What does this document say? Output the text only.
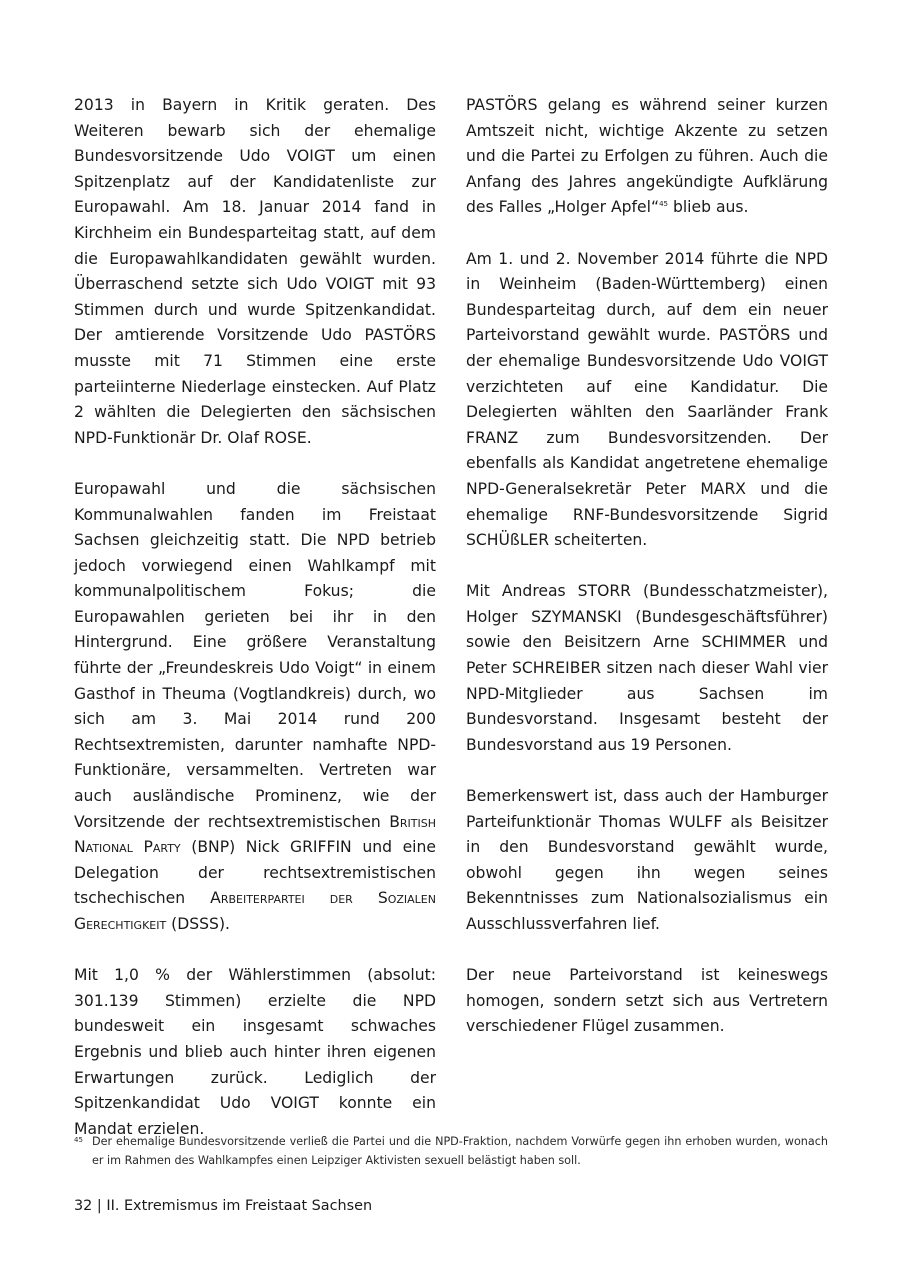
2013 in Bayern in Kritik geraten. Des Weiteren bewarb sich der ehemalige Bundesvorsitzende Udo VOIGT um einen Spitzenplatz auf der Kandidatenliste zur Europawahl. Am 18. Januar 2014 fand in Kirchheim ein Bundesparteitag statt, auf dem die Europawahlkandidaten gewählt wurden. Überraschend setzte sich Udo VOIGT mit 93 Stimmen durch und wurde Spitzenkandidat. Der amtierende Vorsitzende Udo PASTÖRS musste mit 71 Stimmen eine erste parteiinterne Niederlage einstecken. Auf Platz 2 wählten die Delegierten den sächsischen NPD-Funktionär Dr. Olaf ROSE.

Europawahl und die sächsischen Kommunalwahlen fanden im Freistaat Sachsen gleichzeitig statt. Die NPD betrieb jedoch vorwiegend einen Wahlkampf mit kommunalpolitischem Fokus; die Europawahlen gerieten bei ihr in den Hintergrund. Eine größere Veranstaltung führte der „Freundeskreis Udo Voigt“ in einem Gasthof in Theuma (Vogtlandkreis) durch, wo sich am 3. Mai 2014 rund 200 Rechtsextremisten, darunter namhafte NPD-Funktionäre, versammelten. Vertreten war auch ausländische Prominenz, wie der Vorsitzende der rechtsextremistischen British National Party (BNP) Nick GRIFFIN und eine Delegation der rechtsextremistischen tschechischen Arbeiterpartei der Sozialen Gerechtigkeit (DSSS).

Mit 1,0 % der Wählerstimmen (absolut: 301.139 Stimmen) erzielte die NPD bundesweit ein insgesamt schwaches Ergebnis und blieb auch hinter ihren eigenen Erwartungen zurück. Lediglich der Spitzenkandidat Udo VOIGT konnte ein Mandat erzielen.

PASTÖRS gelang es während seiner kurzen Amtszeit nicht, wichtige Akzente zu setzen und die Partei zu Erfolgen zu führen. Auch die Anfang des Jahres angekündigte Aufklärung des Falles „Holger Apfel“$^{45}$ blieb aus.

Am 1. und 2. November 2014 führte die NPD in Weinheim (Baden-Württemberg) einen Bundesparteitag durch, auf dem ein neuer Parteivorstand gewählt wurde. PASTÖRS und der ehemalige Bundesvorsitzende Udo VOIGT verzichteten auf eine Kandidatur. Die Delegierten wählten den Saarländer Frank FRANZ zum Bundesvorsitzenden. Der ebenfalls als Kandidat angetretene ehemalige NPD-Generalsekretär Peter MARX und die ehemalige RNF-Bundesvorsitzende Sigrid SCHÜßLER scheiterten.

Mit Andreas STORR (Bundesschatzmeister), Holger SZYMANSKI (Bundesgeschäftsführer) sowie den Beisitzern Arne SCHIMMER und Peter SCHREIBER sitzen nach dieser Wahl vier NPD-Mitglieder aus Sachsen im Bundesvorstand. Insgesamt besteht der Bundesvorstand aus 19 Personen.

Bemerkenswert ist, dass auch der Hamburger Parteifunktionär Thomas WULFF als Beisitzer in den Bundesvorstand gewählt wurde, obwohl gegen ihn wegen seines Bekenntnisses zum Nationalsozialismus ein Ausschlussverfahren lief.

Der neue Parteivorstand ist keineswegs homogen, sondern setzt sich aus Vertretern verschiedener Flügel zusammen.

45 Der ehemalige Bundesvorsitzende verließ die Partei und die NPD-Fraktion, nachdem Vorwürfe gegen ihn erhoben wurden, wonach er im Rahmen des Wahlkampfes einen Leipziger Aktivisten sexuell belästigt haben soll.
32 | II. Extremismus im Freistaat Sachsen
